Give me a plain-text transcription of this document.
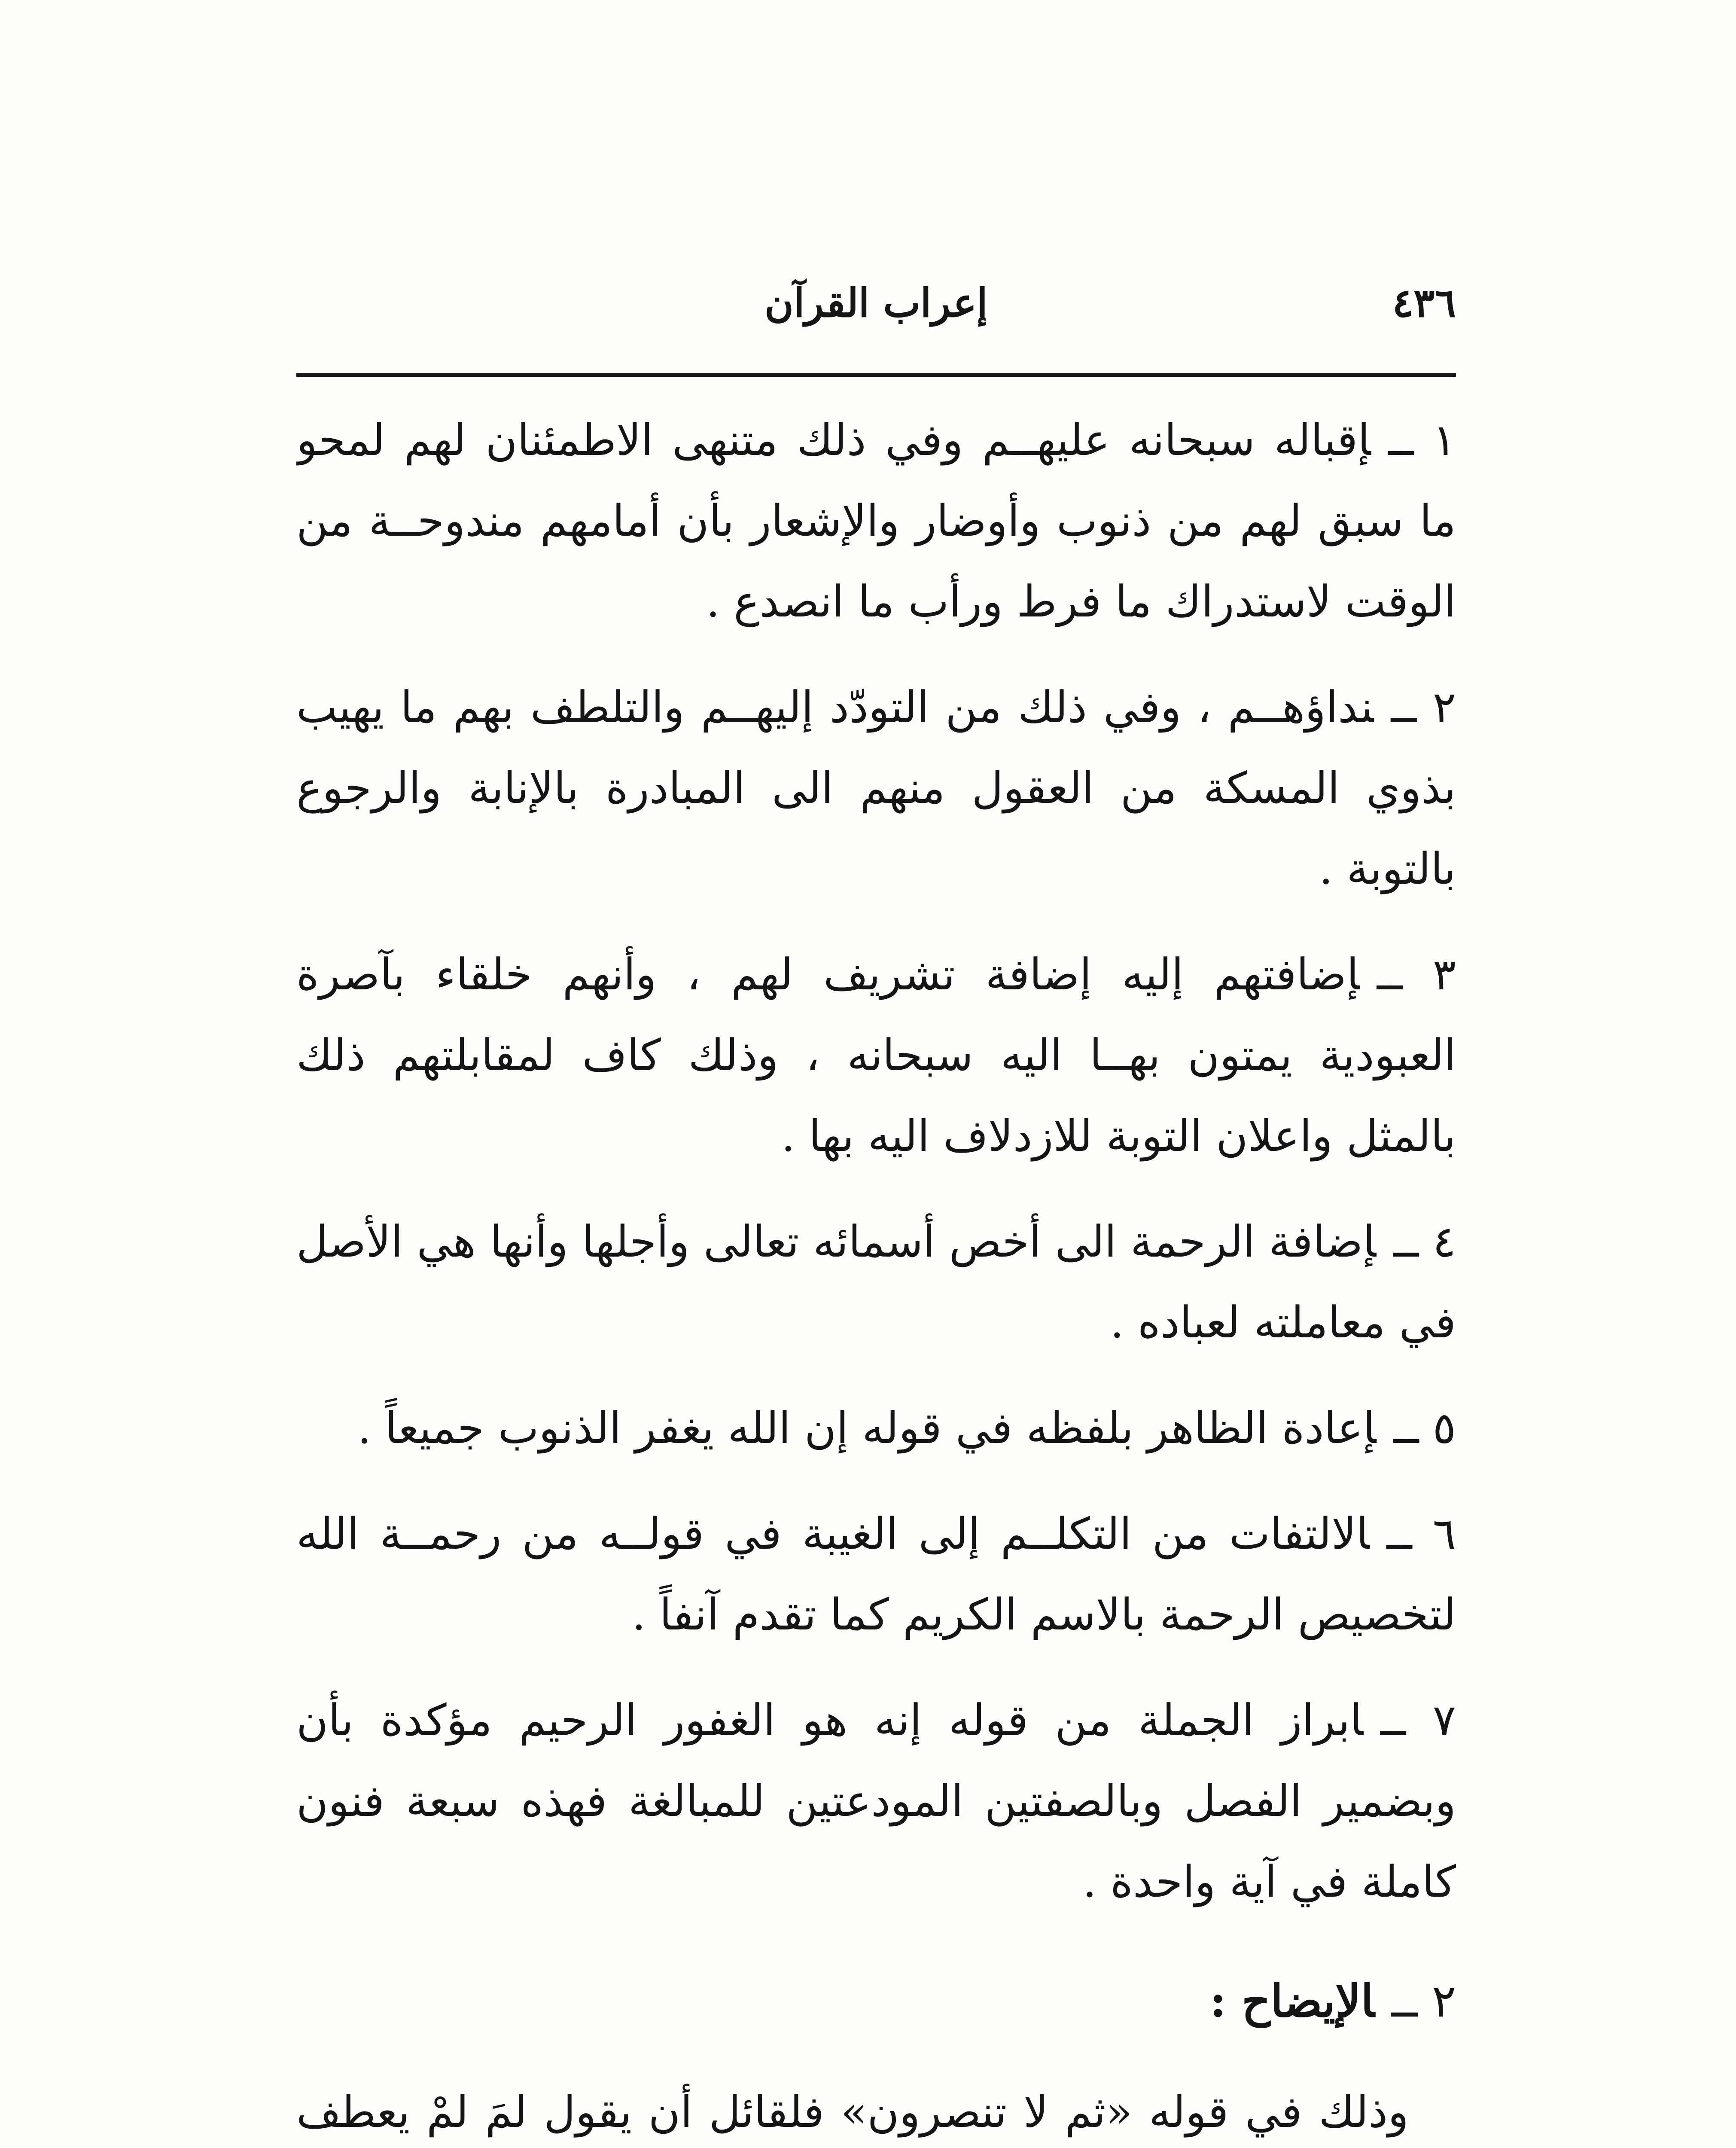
٤٣٦
إعراب القرآن

١ ــإقباله سبحانه عليهــم وفي ذلك متنهى الاطمئنان لهم لمحو ما سبق لهم من ذنوب وأوضار والإشعار بأن أمامهم مندوحــة من الوقت لاستدراك ما فرط ورأب ما انصدع .

٢ ــنداؤهــم ، وفي ذلك من التودّد إليهــم والتلطف بهم ما يهيب بذوي المسكة من العقول منهم الى المبادرة بالإنابة والرجوع بالتوبة .

٣ ــإضافتهم إليه إضافة تشريف لهم ، وأنهم خلقاء بآصرة العبودية يمتون بهــا اليه سبحانه ، وذلك كاف لمقابلتهم ذلك بالمثل واعلان التوبة للازدلاف اليه بها .

٤ ــإضافة الرحمة الى أخص أسمائه تعالى وأجلها وأنها هي الأصل في معاملته لعباده .

٥ ــإعادة الظاهر بلفظه في قوله إن الله يغفر الذنوب جميعاً .

٦ ــالالتفات من التكلــم إلى الغيبة في قولــه من رحمــة الله لتخصيص الرحمة بالاسم الكريم كما تقدم آنفاً .

٧ ــابراز الجملة من قوله إنه هو الغفور الرحيم مؤكدة بأن وبضمير الفصل وبالصفتين المودعتين للمبالغة فهذه سبعة فنون كاملة في آية واحدة .

٢ ــالإيضاح :

وذلك في قوله «ثم لا تنصرون» فلقائل أن يقول لمَ لمْ يعطف
